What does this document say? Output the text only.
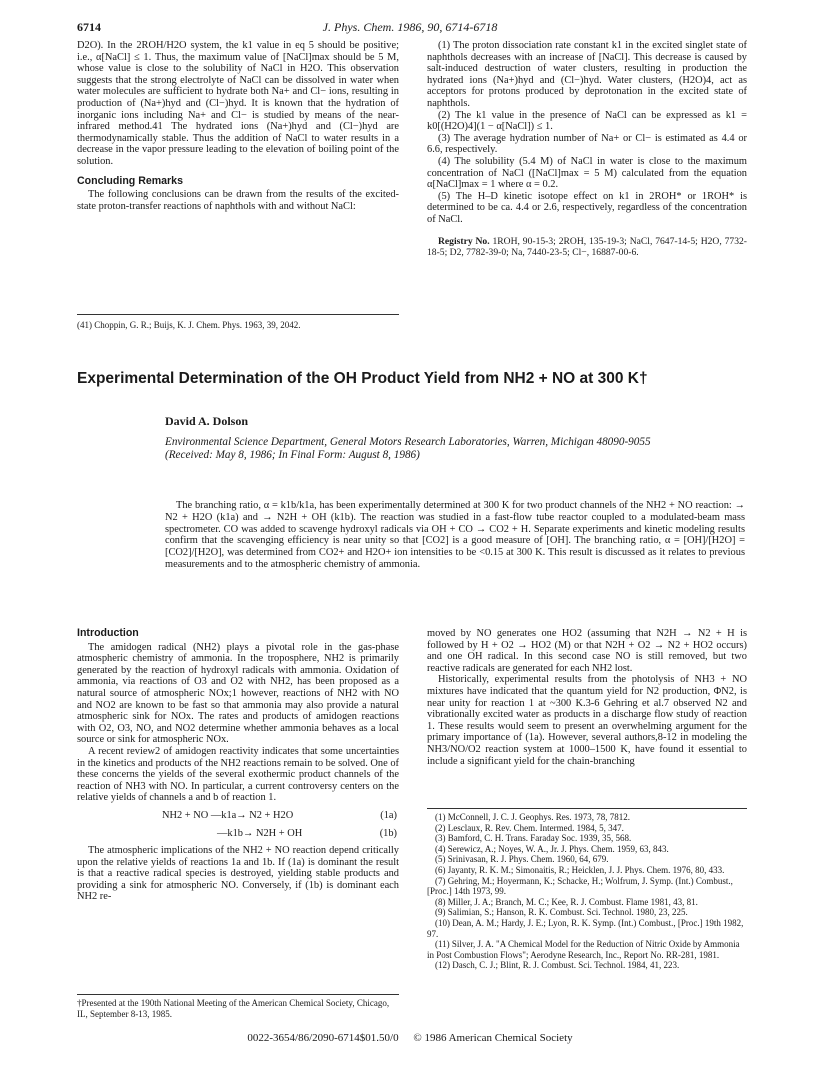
6714	J. Phys. Chem. 1986, 90, 6714-6718

D2O). In the 2ROH/H2O system, the k1 value in eq 5 should be positive; i.e., α[NaCl] ≤ 1. Thus, the maximum value of [NaCl]max should be 5 M, whose value is close to the solubility of NaCl in H2O. This observation suggests that the strong electrolyte of NaCl can be dissolved in water when water molecules are sufficient to hydrate both Na+ and Cl− ions, resulting in production of (Na+)hyd and (Cl−)hyd. It is known that the hydration of inorganic ions including Na+ and Cl− is studied by means of the near-infrared method.41 The hydrated ions (Na+)hyd and (Cl−)hyd are thermodynamically stable. Thus the addition of NaCl to water results in a decrease in the vapor pressure leading to the elevation of boiling point of the solution.

Concluding Remarks

The following conclusions can be drawn from the results of the excited-state proton-transfer reactions of naphthols with and without NaCl:

(41) Choppin, G. R.; Buijs, K. J. Chem. Phys. 1963, 39, 2042.

(1) The proton dissociation rate constant k1 in the excited singlet state of naphthols decreases with an increase of [NaCl]. This decrease is caused by salt-induced destruction of water clusters, resulting in production the hydrated ions (Na+)hyd and (Cl−)hyd. Water clusters, (H2O)4, act as acceptors for protons produced by deprotonation in the excited state of naphthols.

(2) The k1 value in the presence of NaCl can be expressed as k1 = k0[(H2O)4](1 − α[NaCl]) ≤ 1.

(3) The average hydration number of Na+ or Cl− is estimated as 4.4 or 6.6, respectively.

(4) The solubility (5.4 M) of NaCl in water is close to the maximum concentration of NaCl ([NaCl]max = 5 M) calculated from the equation α[NaCl]max = 1 where α = 0.2.

(5) The H–D kinetic isotope effect on k1 in 2ROH* or 1ROH* is determined to be ca. 4.4 or 2.6, respectively, regardless of the concentration of NaCl.

Registry No. 1ROH, 90-15-3; 2ROH, 135-19-3; NaCl, 7647-14-5; H2O, 7732-18-5; D2, 7782-39-0; Na, 7440-23-5; Cl−, 16887-00-6.

Experimental Determination of the OH Product Yield from NH2 + NO at 300 K†
David A. Dolson
Environmental Science Department, General Motors Research Laboratories, Warren, Michigan 48090-9055
(Received: May 8, 1986; In Final Form: August 8, 1986)

The branching ratio, α = k1b/k1a, has been experimentally determined at 300 K for two product channels of the NH2 + NO reaction: → N2 + H2O (k1a) and → N2H + OH (k1b). The reaction was studied in a fast-flow tube reactor coupled to a modulated-beam mass spectrometer. CO was added to scavenge hydroxyl radicals via OH + CO → CO2 + H. Separate experiments and kinetic modeling results confirm that the scavenging efficiency is near unity so that [CO2] is a good measure of [OH]. The branching ratio, α = [OH]/[H2O] = [CO2]/[H2O], was determined from CO2+ and H2O+ ion intensities to be <0.15 at 300 K. This result is discussed as it relates to previous measurements and to the atmospheric chemistry of ammonia.

Introduction

The amidogen radical (NH2) plays a pivotal role in the gas-phase atmospheric chemistry of ammonia. In the troposphere, NH2 is primarily generated by the reaction of hydroxyl radicals with ammonia. Oxidation of ammonia, via reactions of O3 and O2 with NH2, has been proposed as a natural source of atmospheric NOx;1 however, reactions of NH2 with NO and NO2 are known to be fast so that ammonia may also provide a natural atmospheric sink for NOx. The rates and products of amidogen reactions with O2, O3, NO, and NO2 determine whether ammonia behaves as a local source or sink for atmospheric NOx.

A recent review2 of amidogen reactivity indicates that some uncertainties in the kinetics and products of the NH2 reactions remain to be solved. One of these concerns the yields of the several exothermic product channels of the reaction of NH3 with NO. In particular, a current controversy centers on the relative yields of channels a and b of reaction 1.

NH2 + NO —k1a→ N2 + H2O	(1a)
—k1b→ N2H + OH	(1b)

The atmospheric implications of the NH2 + NO reaction depend critically upon the relative yields of reactions 1a and 1b. If (1a) is dominant the result is that a reactive radical species is destroyed, yielding stable products and providing a sink for atmospheric NO. Conversely, if (1b) is dominant each NH2 re-

†Presented at the 190th National Meeting of the American Chemical Society, Chicago, IL, September 8-13, 1985.

moved by NO generates one HO2 (assuming that N2H → N2 + H is followed by H + O2 → HO2 (M) or that N2H + O2 → N2 + HO2 occurs) and one OH radical. In this second case NO is still removed, but two reactive radicals are generated for each NH2 lost.

Historically, experimental results from the photolysis of NH3 + NO mixtures have indicated that the quantum yield for N2 production, ΦN2, is near unity for reaction 1 at ~300 K.3-6 Gehring et al.7 observed N2 and vibrationally excited water as products in a discharge flow study of reaction 1. These results would seem to present an overwhelming argument for the primary importance of (1a). However, several authors,8-12 in modeling the NH3/NO/O2 reaction system at 1000–1500 K, have found it essential to include a significant yield for the chain-branching

(1) McConnell, J. C. J. Geophys. Res. 1973, 78, 7812.

(2) Lesclaux, R. Rev. Chem. Intermed. 1984, 5, 347.

(3) Bamford, C. H. Trans. Faraday Soc. 1939, 35, 568.

(4) Serewicz, A.; Noyes, W. A., Jr. J. Phys. Chem. 1959, 63, 843.

(5) Srinivasan, R. J. Phys. Chem. 1960, 64, 679.

(6) Jayanty, R. K. M.; Simonaitis, R.; Heicklen, J. J. Phys. Chem. 1976, 80, 433.

(7) Gehring, M.; Hoyermann, K.; Schacke, H.; Wolfrum, J. Symp. (Int.) Combust., [Proc.] 14th 1973, 99.

(8) Miller, J. A.; Branch, M. C.; Kee, R. J. Combust. Flame 1981, 43, 81.

(9) Salimian, S.; Hanson, R. K. Combust. Sci. Technol. 1980, 23, 225.

(10) Dean, A. M.; Hardy, J. E.; Lyon, R. K. Symp. (Int.) Combust., [Proc.] 19th 1982, 97.

(11) Silver, J. A. "A Chemical Model for the Reduction of Nitric Oxide by Ammonia in Post Combustion Flows"; Aerodyne Research, Inc., Report No. RR-281, 1981.

(12) Dasch, C. J.; Blint, R. J. Combust. Sci. Technol. 1984, 41, 223.

0022-3654/86/2090-6714$01.50/0 © 1986 American Chemical Society
